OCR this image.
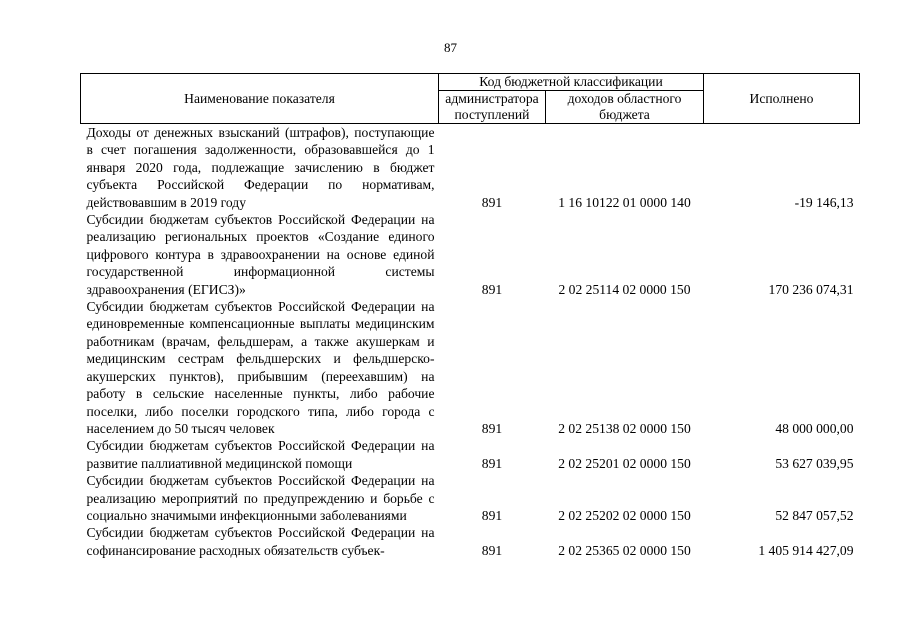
87
Наименование показателя	Код бюджетной классификации		Исполнено
	администратора поступлений	доходов областного бюджета	
Доходы от денежных взысканий (штрафов), поступающие в счет погашения задолженности, образовавшейся до 1 января 2020 года, подлежащие зачислению в бюджет субъекта Российской Федерации по нормативам, действовавшим в 2019 году	891	1 16 10122 01 0000 140	-19 146,13
Субсидии бюджетам субъектов Российской Федерации на реализацию региональных проектов «Создание единого цифрового контура в здравоохранении на основе единой государственной информационной системы здравоохранения (ЕГИСЗ)»	891	2 02 25114 02 0000 150	170 236 074,31
Субсидии бюджетам субъектов Российской Федерации на единовременные компенсационные выплаты медицинским работникам (врачам, фельдшерам, а также акушеркам и медицинским сестрам фельдшерских и фельдшерско-акушерских пунктов), прибывшим (переехавшим) на работу в сельские населенные пункты, либо рабочие поселки, либо поселки городского типа, либо города с населением до 50 тысяч человек	891	2 02 25138 02 0000 150	48 000 000,00
Субсидии бюджетам субъектов Российской Федерации на развитие паллиативной медицинской помощи	891	2 02 25201 02 0000 150	53 627 039,95
Субсидии бюджетам субъектов Российской Федерации на реализацию мероприятий по предупреждению и борьбе с социально значимыми инфекционными заболеваниями	891	2 02 25202 02 0000 150	52 847 057,52
Субсидии бюджетам субъектов Российской Федерации на софинансирование расходных обязательств субъек-	891	2 02 25365 02 0000 150	1 405 914 427,09
